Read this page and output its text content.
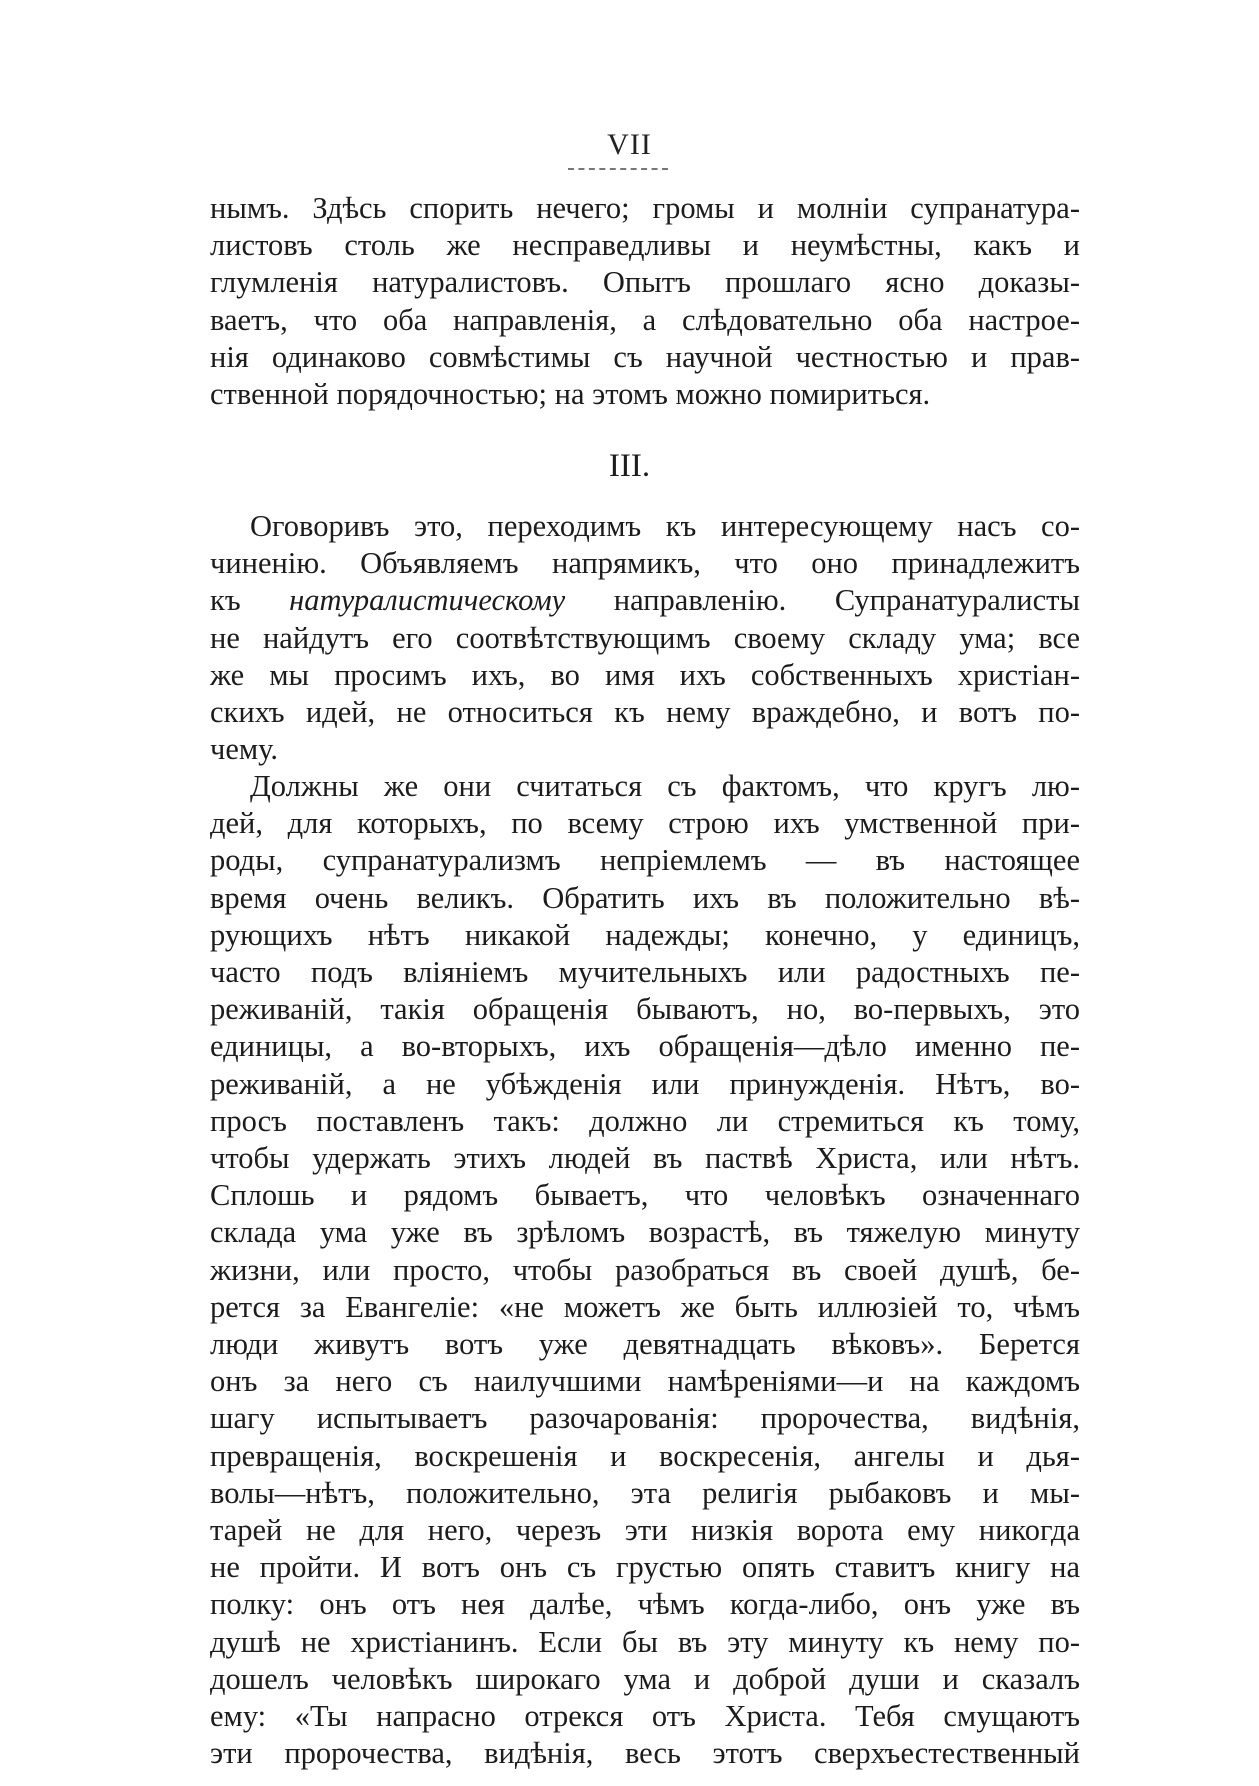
VII
нымъ. Здѣсь спорить нечего; громы и молніи супранатура-
листовъ столь же несправедливы и неумѣстны, какъ и
глумленія натуралистовъ. Опытъ прошлаго ясно доказы-
ваетъ, что оба направленія, а слѣдовательно оба настрое-
нія одинаково совмѣстимы съ научной честностью и прав-
ственной порядочностью; на этомъ можно помириться.
III.
Оговоривъ это, переходимъ къ интересующему насъ со-
чиненію. Объявляемъ напрямикъ, что оно принадлежитъ
къ натуралистическому направленію. Супранатуралисты
не найдутъ его соотвѣтствующимъ своему складу ума; все
же мы просимъ ихъ, во имя ихъ собственныхъ христіан-
скихъ идей, не относиться къ нему враждебно, и вотъ по-
чему.
Должны же они считаться съ фактомъ, что кругъ лю-
дей, для которыхъ, по всему строю ихъ умственной при-
роды, супранатурализмъ непріемлемъ — въ настоящее
время очень великъ. Обратить ихъ въ положительно вѣ-
рующихъ нѣтъ никакой надежды; конечно, у единицъ,
часто подъ вліяніемъ мучительныхъ или радостныхъ пе-
реживаній, такія обращенія бываютъ, но, во-первыхъ, это
единицы, а во-вторыхъ, ихъ обращенія—дѣло именно пе-
реживаній, а не убѣжденія или принужденія. Нѣтъ, во-
просъ поставленъ такъ: должно ли стремиться къ тому,
чтобы удержать этихъ людей въ паствѣ Христа, или нѣтъ.
Сплошь и рядомъ бываетъ, что человѣкъ означеннаго
склада ума уже въ зрѣломъ возрастѣ, въ тяжелую минуту
жизни, или просто, чтобы разобраться въ своей душѣ, бе-
рется за Евангеліе: «не можетъ же быть иллюзіей то, чѣмъ
люди живутъ вотъ уже девятнадцать вѣковъ». Берется
онъ за него съ наилучшими намѣреніями—и на каждомъ
шагу испытываетъ разочарованія: пророчества, видѣнія,
превращенія, воскрешенія и воскресенія, ангелы и дья-
волы—нѣтъ, положительно, эта религія рыбаковъ и мы-
тарей не для него, черезъ эти низкія ворота ему никогда
не пройти. И вотъ онъ съ грустью опять ставитъ книгу на
полку: онъ отъ нея далѣе, чѣмъ когда-либо, онъ уже въ
душѣ не христіанинъ. Если бы въ эту минуту къ нему по-
дошелъ человѣкъ широкаго ума и доброй души и сказалъ
ему: «Ты напрасно отрекся отъ Христа. Тебя смущаютъ
эти пророчества, видѣнія, весь этотъ сверхъестественный
